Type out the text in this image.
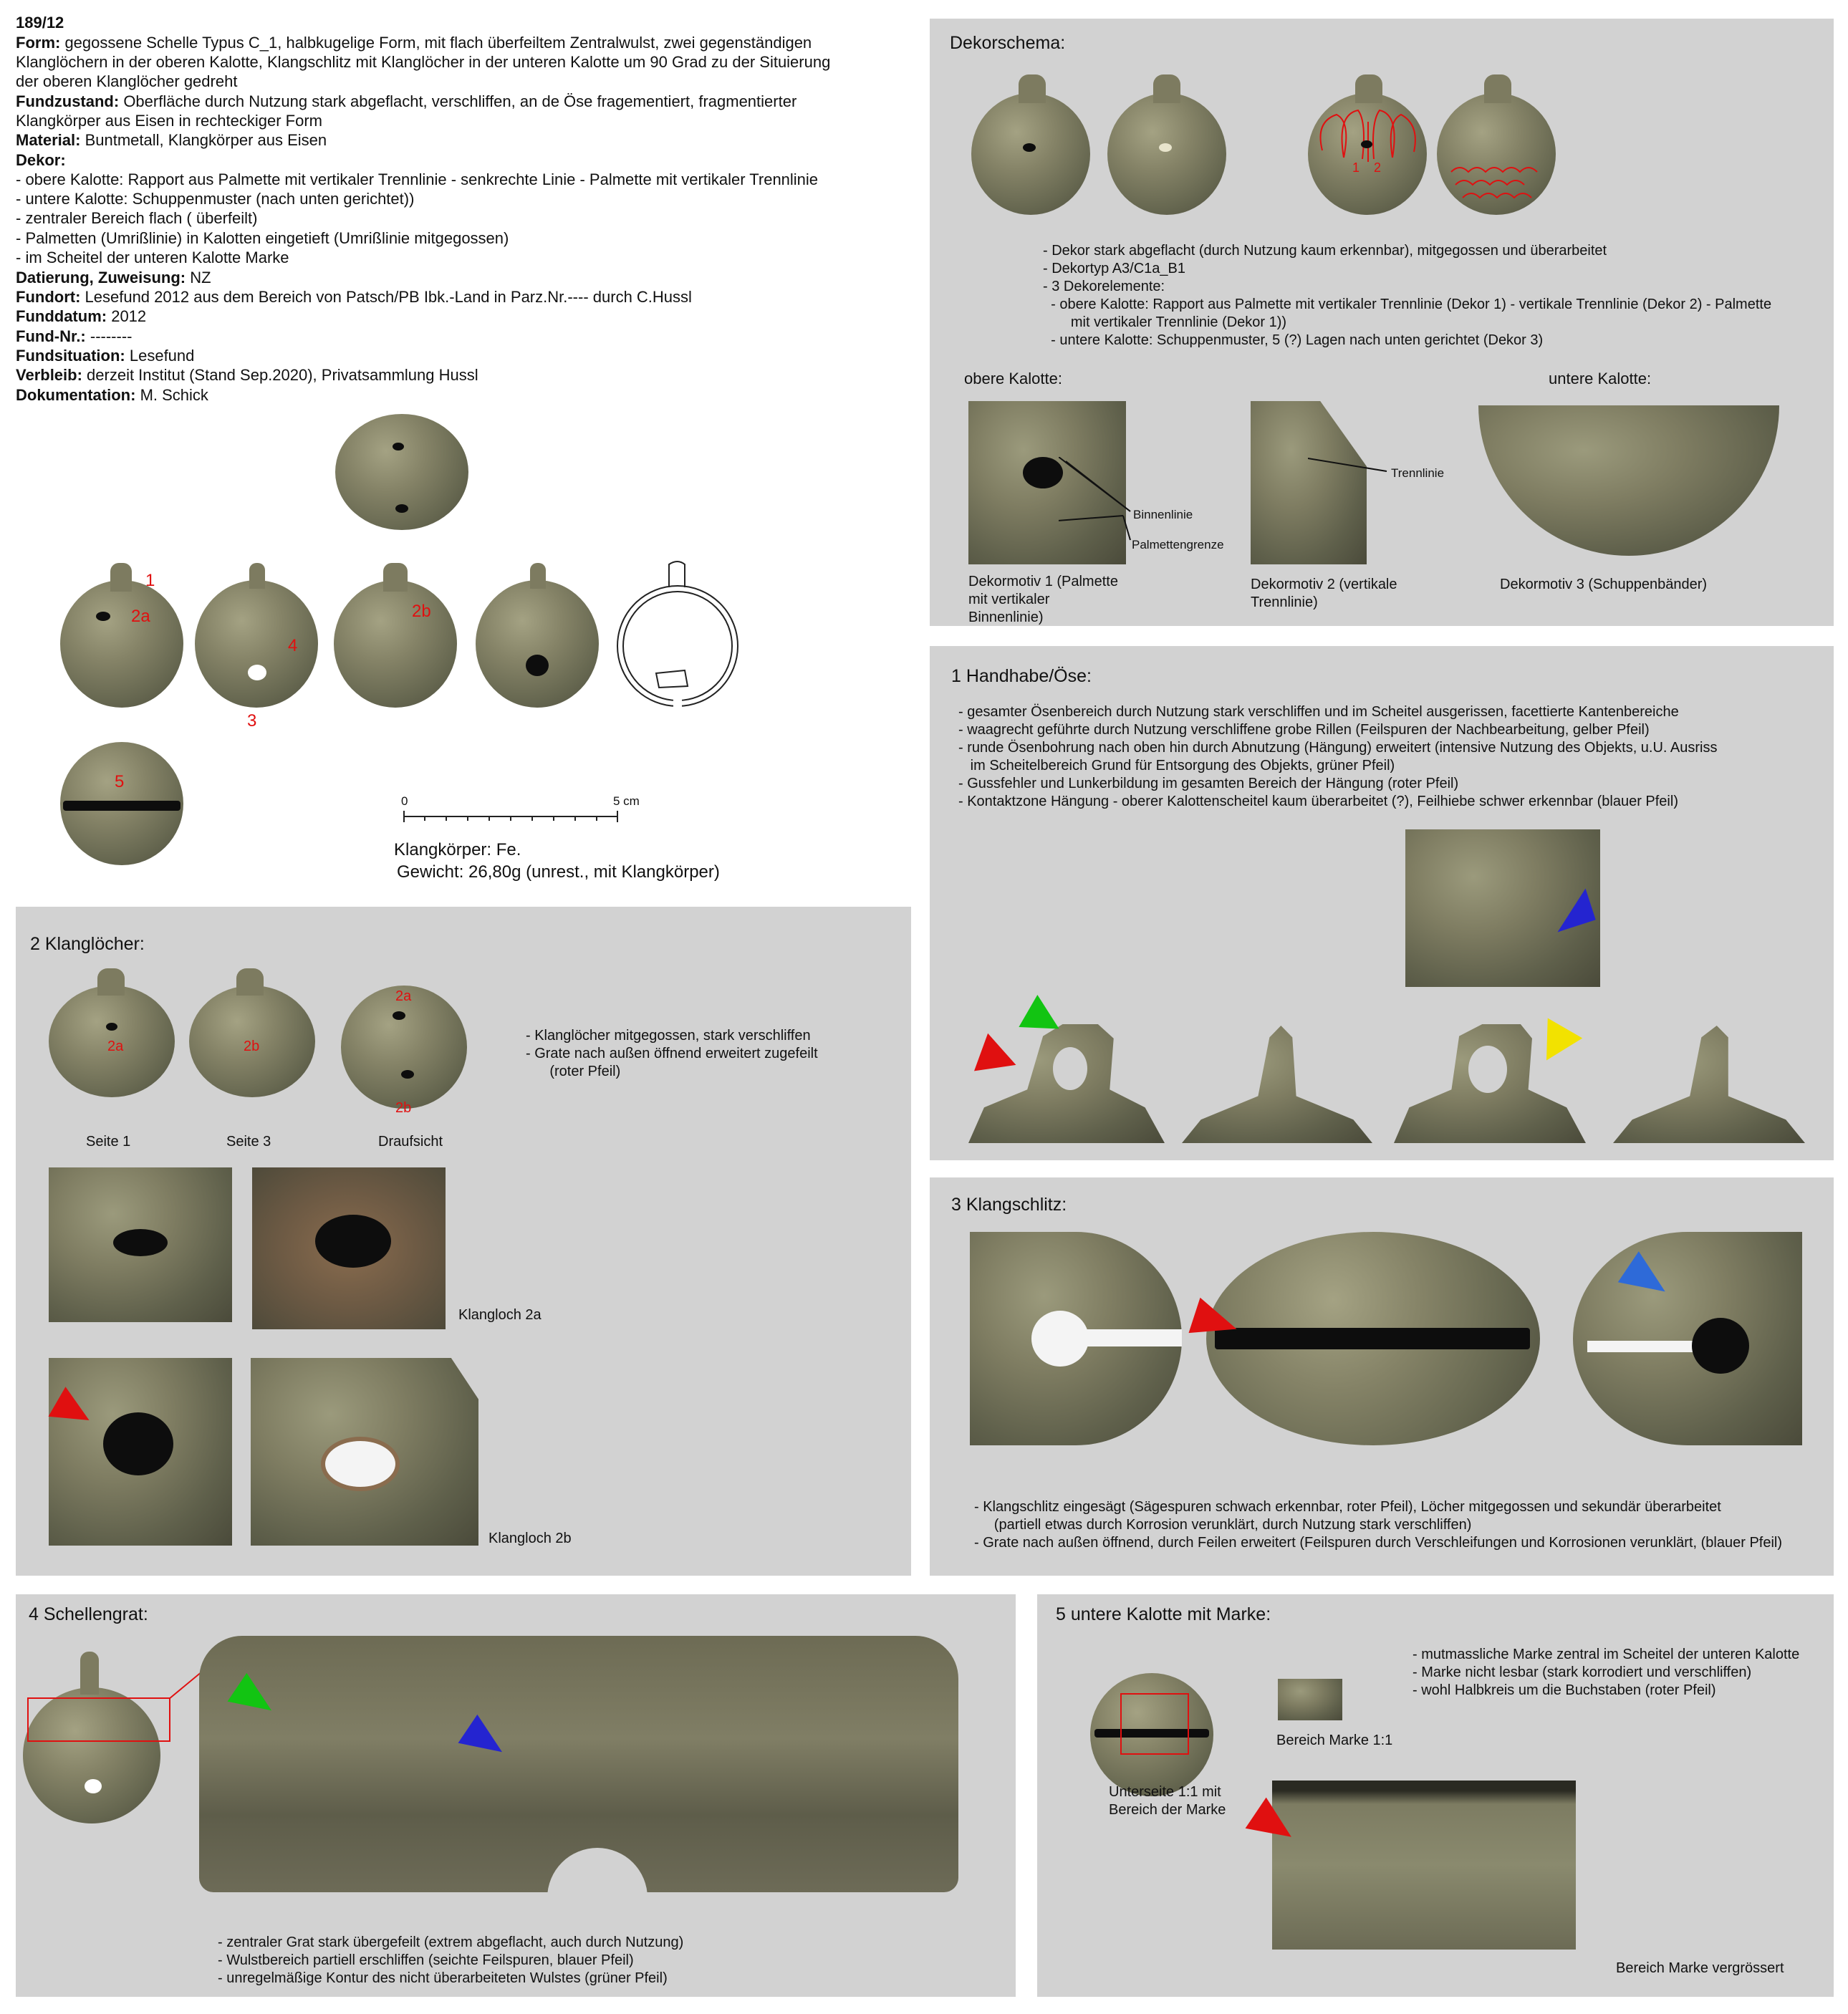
189/12
Form: gegossene Schelle Typus C_1, halbkugelige Form, mit flach überfeiltem Zentralwulst, zwei gegenständigen
Klanglöchern in der oberen Kalotte, Klangschlitz mit Klanglöcher in der unteren Kalotte um 90 Grad zu der Situierung
der oberen Klanglöcher gedreht
Fundzustand: Oberfläche durch Nutzung stark abgeflacht, verschliffen, an de Öse fragementiert, fragmentierter
Klangkörper aus Eisen in rechteckiger Form
Material: Buntmetall, Klangkörper aus Eisen
Dekor:
- obere Kalotte: Rapport aus Palmette mit vertikaler Trennlinie - senkrechte Linie - Palmette mit vertikaler Trennlinie
- untere Kalotte: Schuppenmuster (nach unten gerichtet))
- zentraler Bereich flach ( überfeilt)
- Palmetten (Umrißlinie) in Kalotten eingetieft (Umrißlinie mitgegossen)
- im Scheitel der unteren Kalotte Marke
Datierung, Zuweisung: NZ
Fundort: Lesefund 2012 aus dem Bereich von Patsch/PB Ibk.-Land in Parz.Nr.---- durch C.Hussl
Funddatum: 2012
Fund-Nr.: --------
Fundsituation: Lesefund
Verbleib: derzeit Institut (Stand Sep.2020), Privatsammlung Hussl
Dokumentation: M. Schick
1
2a
4
3
2b
5
0	5 cm
Klangkörper: Fe.
Gewicht: 26,80g (unrest., mit Klangkörper)
Dekorschema:
1 2
- Dekor stark abgeflacht (durch Nutzung kaum erkennbar), mitgegossen und überarbeitet
- Dekortyp A3/C1a_B1
- 3 Dekorelemente:
- obere Kalotte: Rapport aus Palmette mit vertikaler Trennlinie (Dekor 1) - vertikale Trennlinie (Dekor 2) - Palmette
mit vertikaler Trennlinie (Dekor 1))
- untere Kalotte: Schuppenmuster, 5 (?) Lagen nach unten gerichtet (Dekor 3)
obere Kalotte:	untere Kalotte:
Binnenlinie
Palmettengrenze
Trennlinie
Dekormotiv 1 (Palmette mit vertikaler Binnenlinie)
Dekormotiv 2 (vertikale Trennlinie)
Dekormotiv 3 (Schuppenbänder)
1 Handhabe/Öse:
- gesamter Ösenbereich durch Nutzung stark verschliffen und im Scheitel ausgerissen, facettierte Kantenbereiche
- waagrecht geführte durch Nutzung verschliffene grobe Rillen (Feilspuren der Nachbearbeitung, gelber Pfeil)
- runde Ösenbohrung nach oben hin durch Abnutzung (Hängung) erweitert (intensive Nutzung des Objekts, u.U. Ausriss
im Scheitelbereich Grund für Entsorgung des Objekts, grüner Pfeil)
- Gussfehler und Lunkerbildung im gesamten Bereich der Hängung (roter Pfeil)
- Kontaktzone Hängung - oberer Kalottenscheitel kaum überarbeitet (?), Feilhiebe schwer erkennbar (blauer Pfeil)
2 Klanglöcher:
2a	2b
2a
2b
Seite 1	Seite 3	Draufsicht
- Klanglöcher mitgegossen, stark verschliffen
- Grate nach außen öffnend erweitert zugefeilt
(roter Pfeil)
Klangloch 2a
Klangloch 2b
3 Klangschlitz:
- Klangschlitz eingesägt (Sägespuren schwach erkennbar, roter Pfeil), Löcher mitgegossen und sekundär überarbeitet
(partiell etwas durch Korrosion verunklärt, durch Nutzung stark verschliffen)
- Grate nach außen öffnend, durch Feilen erweitert (Feilspuren durch Verschleifungen und Korrosionen verunklärt, (blauer Pfeil)
4 Schellengrat:
- zentraler Grat stark übergefeilt (extrem abgeflacht, auch durch Nutzung)
- Wulstbereich partiell erschliffen (seichte Feilspuren, blauer Pfeil)
- unregelmäßige Kontur des nicht überarbeiteten Wulstes (grüner Pfeil)
5 untere Kalotte mit Marke:
- mutmassliche Marke zentral im Scheitel der unteren Kalotte
- Marke nicht lesbar (stark korrodiert und verschliffen)
- wohl Halbkreis um die Buchstaben (roter Pfeil)
Bereich Marke 1:1
Unterseite 1:1 mit
Bereich der Marke
Bereich Marke vergrössert
